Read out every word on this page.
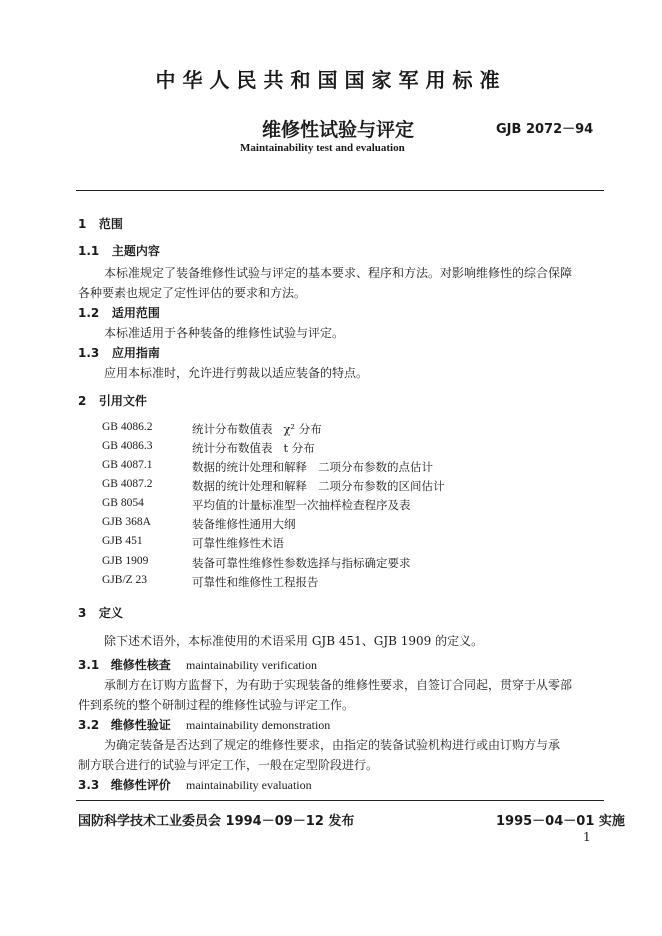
中华人民共和国国家军用标准
维修性试验与评定	GJB 2072－94
Maintainability test and evaluation
1 范围
1.1 主题内容
本标准规定了装备维修性试验与评定的基本要求、程序和方法。对影响维修性的综合保障
各种要素也规定了定性评估的要求和方法。
1.2 适用范围
本标准适用于各种装备的维修性试验与评定。
1.3 应用指南
应用本标准时，允许进行剪裁以适应装备的特点。
2 引用文件
GB 4086.2	统计分布数值表 χ² 分布
GB 4086.3	统计分布数值表 t 分布
GB 4087.1	数据的统计处理和解释 二项分布参数的点估计
GB 4087.2	数据的统计处理和解释 二项分布参数的区间估计
GB 8054	平均值的计量标准型一次抽样检查程序及表
GJB 368A	装备维修性通用大纲
GJB 451	可靠性维修性术语
GJB 1909	装备可靠性维修性参数选择与指标确定要求
GJB/Z 23	可靠性和维修性工程报告
3 定义
除下述术语外，本标准使用的术语采用 GJB 451、GJB 1909 的定义。
3.1 维修性核查 maintainability verification
承制方在订购方监督下，为有助于实现装备的维修性要求，自签订合同起，贯穿于从零部
件到系统的整个研制过程的维修性试验与评定工作。
3.2 维修性验证 maintainability demonstration
为确定装备是否达到了规定的维修性要求，由指定的装备试验机构进行或由订购方与承
制方联合进行的试验与评定工作，一般在定型阶段进行。
3.3 维修性评价 maintainability evaluation
国防科学技术工业委员会 1994－09－12 发布	1995－04－01 实施
1
